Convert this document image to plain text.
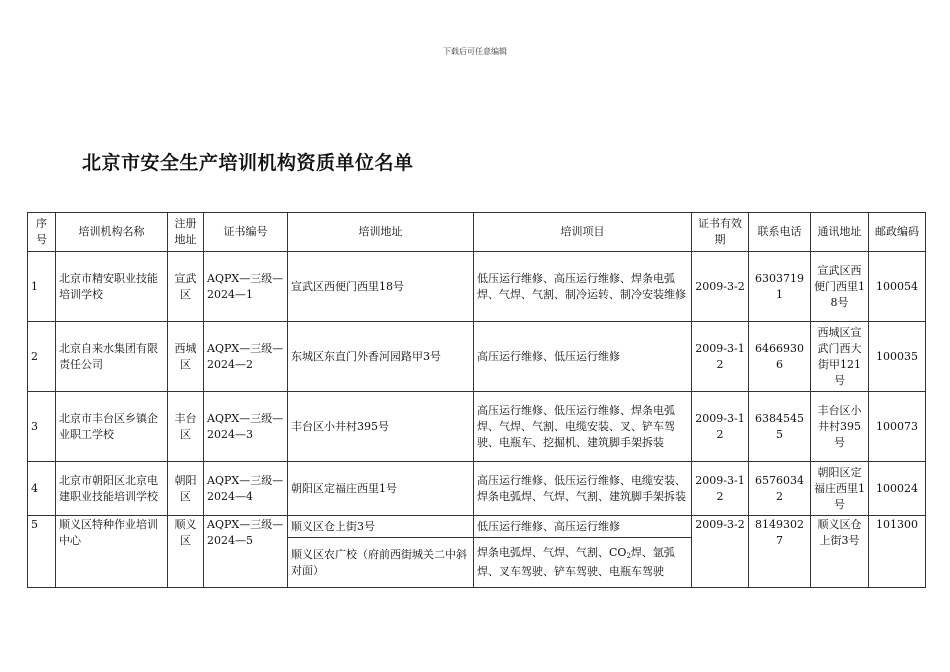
下载后可任意编辑
北京市安全生产培训机构资质单位名单
序号	培训机构名称	注册地址	证书编号	培训地址	培训项目	证书有效期	联系电话	通讯地址	邮政编码
1	北京市精安职业技能培训学校	宣武区	AQPX—三级—2024—1	宣武区西便门西里18号	低压运行维修、高压运行维修、焊条电弧焊、气焊、气割、制冷运转、制冷安装维修	2009-3-2	63037191	宣武区西便门西里18号	100054
2	北京自来水集团有限责任公司	西城区	AQPX—三级—2024—2	东城区东直门外香河园路甲3号	高压运行维修、低压运行维修	2009-3-12	64669306	西城区宣武门西大街甲121号	100035
3	北京市丰台区乡镇企业职工学校	丰台区	AQPX—三级—2024—3	丰台区小井村395号	高压运行维修、低压运行维修、焊条电弧焊、气焊、气割、电缆安装、叉、铲车驾驶、电瓶车、挖掘机、建筑脚手架拆装	2009-3-12	63845455	丰台区小井村395号	100073
4	北京市朝阳区北京电建职业技能培训学校	朝阳区	AQPX—三级—2024—4	朝阳区定福庄西里1号	高压运行维修、低压运行维修、电缆安装、焊条电弧焊、气焊、气割、建筑脚手架拆装	2009-3-12	65760342	朝阳区定福庄西里1号	100024
5	顺义区特种作业培训中心	顺义区	AQPX—三级—2024—5	顺义区仓上街3号	低压运行维修、高压运行维修	2009-3-2	81493027	顺义区仓上街3号	101300
				顺义区农广校（府前西街城关二中斜对面）	焊条电弧焊、气焊、气割、$CO_2$焊、氩弧焊、叉车驾驶、铲车驾驶、电瓶车驾驶				
